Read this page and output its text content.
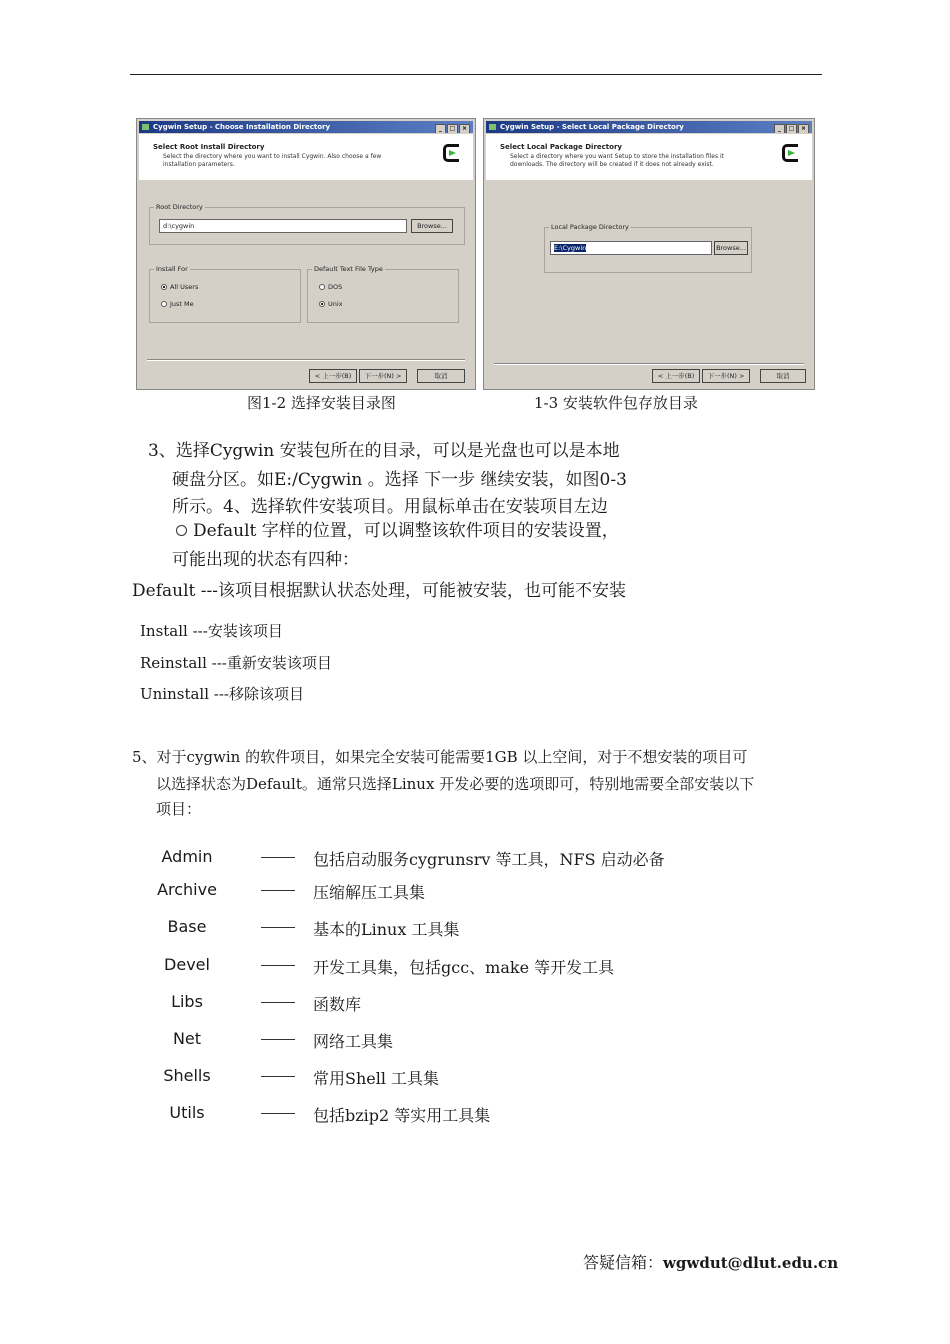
Cygwin Setup - Choose Installation Directory	_ □ ×
Select Root Install Directory
Select the directory where you want to install Cygwin. Also choose a few installation parameters.
Root Directory
d:\cygwin	Browse...
Install For
All Users
Just Me
Default Text File Type
DOS
Unix
< 上一步(B)	下一步(N) >	取消
Cygwin Setup - Select Local Package Directory	_ □ ×
Select Local Package Directory
Select a directory where you want Setup to store the installation files it downloads. The directory will be created if it does not already exist.
Local Package Directory
E:\Cygwin	Browse...
< 上一步(B)	下一步(N) >	取消
图1-2 选择安装目录图	1-3 安装软件包存放目录
3、选择Cygwin 安装包所在的目录，可以是光盘也可以是本地
硬盘分区。如E:/Cygwin 。选择 下一步 继续安装，如图0-3
所示。4、选择软件安装项目。用鼠标单击在安装项目左边
Default 字样的位置，可以调整该软件项目的安装设置，
可能出现的状态有四种：
Default ---该项目根据默认状态处理，可能被安装，也可能不安装
Install ---安装该项目
Reinstall ---重新安装该项目
Uninstall ---移除该项目
5、对于cygwin 的软件项目，如果完全安装可能需要1GB 以上空间，对于不想安装的项目可
以选择状态为Default。通常只选择Linux 开发必要的选项即可，特别地需要全部安装以下
项目：
Admin	包括启动服务cygrunsrv 等工具，NFS 启动必备
Archive	压缩解压工具集
Base	基本的Linux 工具集
Devel	开发工具集，包括gcc、make 等开发工具
Libs	函数库
Net	网络工具集
Shells	常用Shell 工具集
Utils	包括bzip2 等实用工具集
答疑信箱：wgwdut@dlut.edu.cn
